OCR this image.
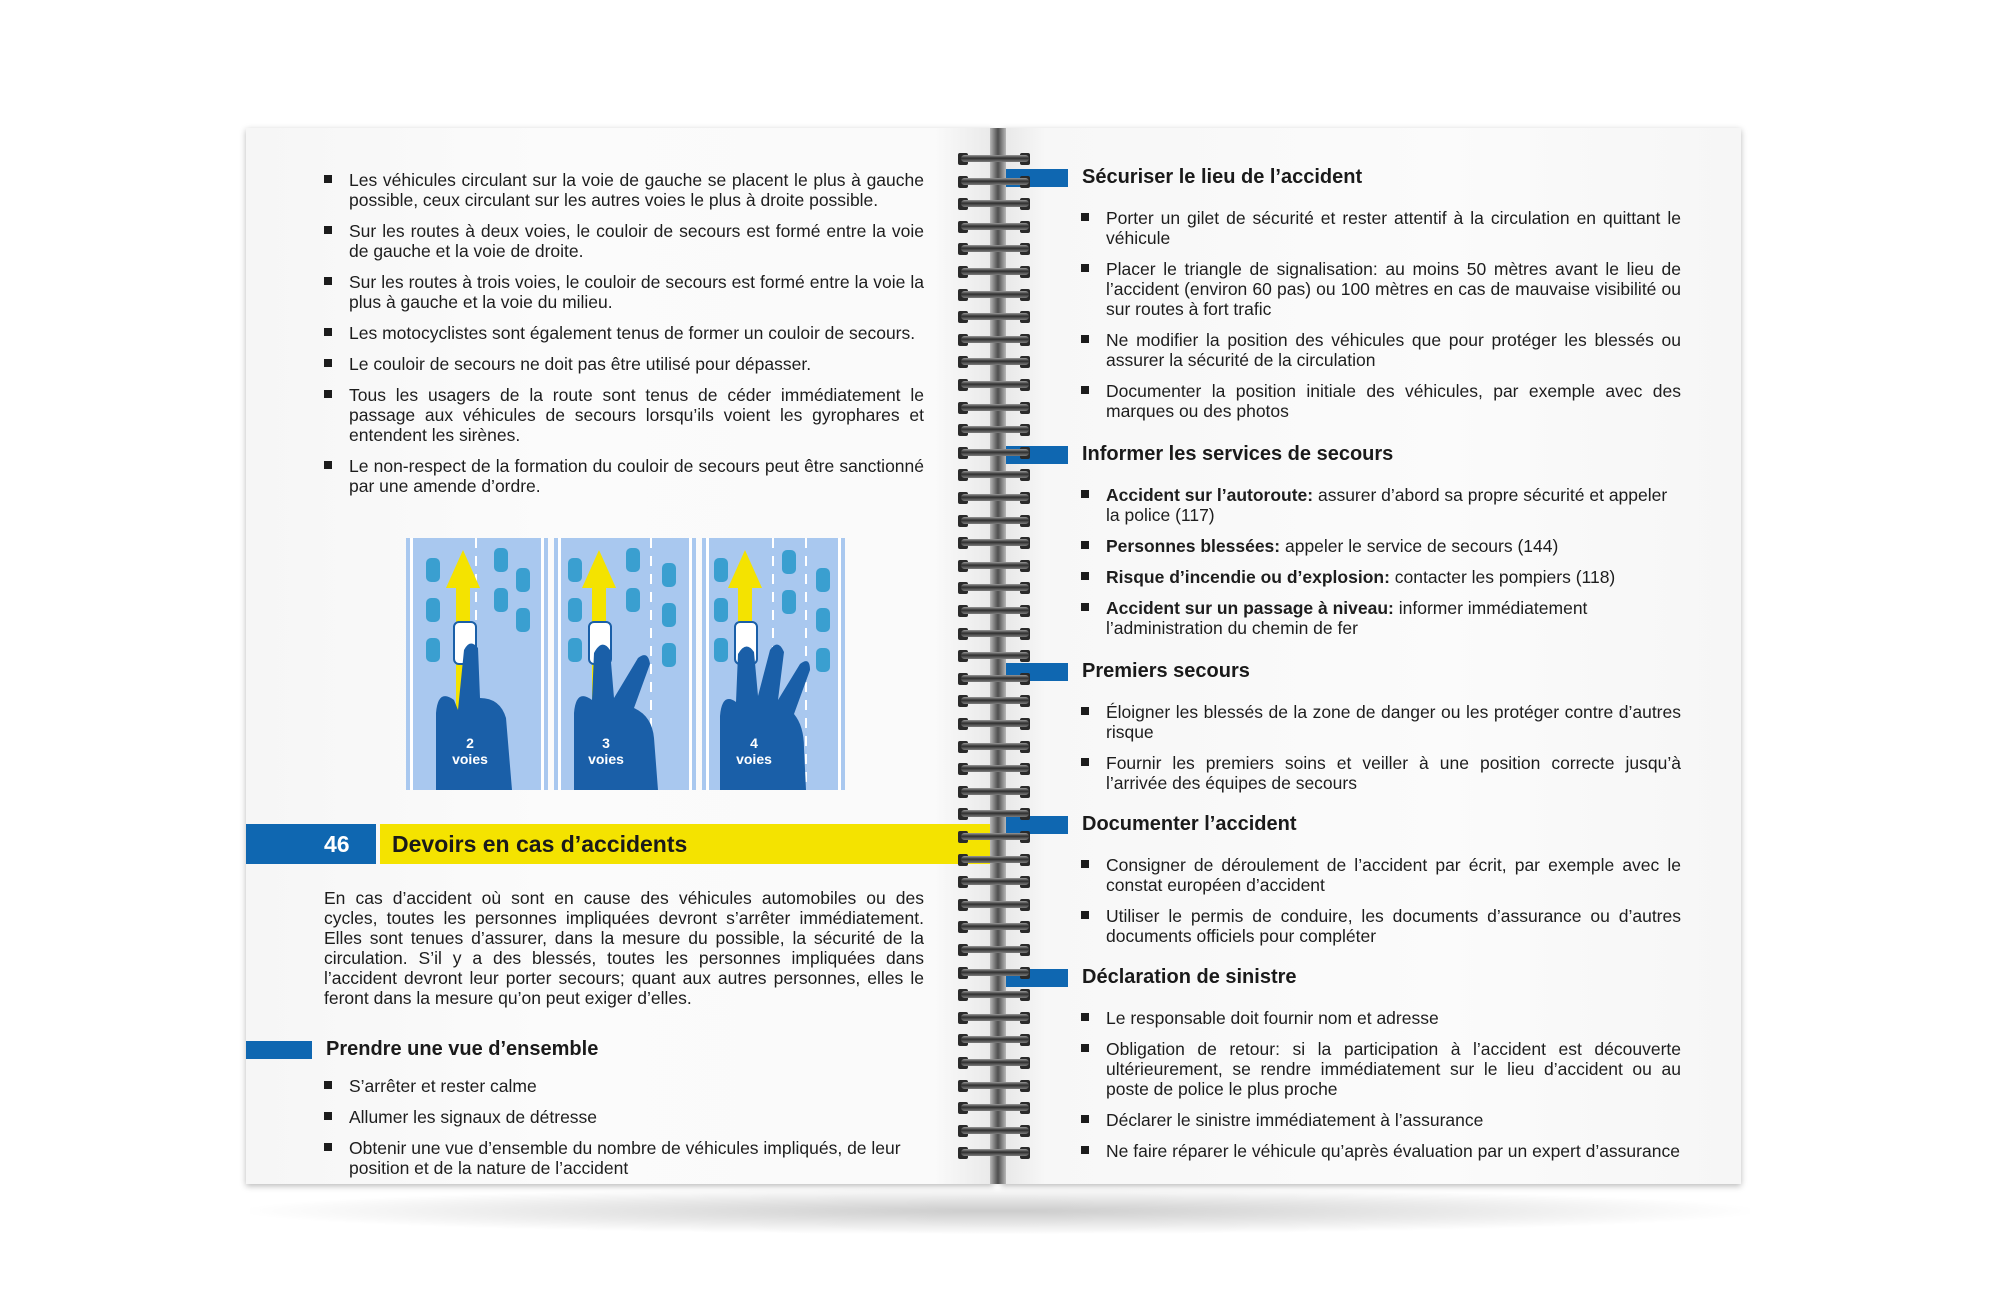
Les véhicules circulant sur la voie de gauche se placent le plus à gauche possible, ceux circulant sur les autres voies le plus à droite possible.
Sur les routes à deux voies, le couloir de secours est formé entre la voie de gauche et la voie de droite.
Sur les routes à trois voies, le couloir de secours est formé entre la voie la plus à gauche et la voie du milieu.
Les motocyclistes sont également tenus de former un couloir de secours.
Le couloir de secours ne doit pas être utilisé pour dépasser.
Tous les usagers de la route sont tenus de céder immédiatement le passage aux véhicules de secours lorsqu’ils voient les gyrophares et entendent les sirènes.
Le non-respect de la formation du couloir de secours peut être sanctionné par une amende d’ordre.
2
voies
3
voies
4
voies
46	Devoirs en cas d’accidents
En cas d’accident où sont en cause des véhicules automobiles ou des cycles, toutes les personnes impliquées devront s’arrêter immédiatement. Elles sont tenues d’assurer, dans la mesure du possible, la sécurité de la circulation. S’il y a des blessés, toutes les personnes impliquées dans l’accident devront leur porter secours; quant aux autres personnes, elles le feront dans la mesure qu’on peut exiger d’elles.
Prendre une vue d’ensemble
S’arrêter et rester calme
Allumer les signaux de détresse
Obtenir une vue d’ensemble du nombre de véhicules impliqués, de leur position et de la nature de l’accident
Sécuriser le lieu de l’accident
Porter un gilet de sécurité et rester attentif à la circulation en quittant le véhicule
Placer le triangle de signalisation: au moins 50 mètres avant le lieu de l’accident (environ 60 pas) ou 100 mètres en cas de mauvaise visibilité ou sur routes à fort trafic
Ne modifier la position des véhicules que pour protéger les blessés ou assurer la sécurité de la circulation
Documenter la position initiale des véhicules, par exemple avec des marques ou des photos
Informer les services de secours
Accident sur l’autoroute: assurer d’abord sa propre sécurité et appeler la police (117)
Personnes blessées: appeler le service de secours (144)
Risque d’incendie ou d’explosion: contacter les pompiers (118)
Accident sur un passage à niveau: informer immédiatement l’administration du chemin de fer
Premiers secours
Éloigner les blessés de la zone de danger ou les protéger contre d’autres risque
Fournir les premiers soins et veiller à une position correcte jusqu’à l’arrivée des équipes de secours
Documenter l’accident
Consigner de déroulement de l’accident par écrit, par exemple avec le constat européen d’accident
Utiliser le permis de conduire, les documents d’assurance ou d’autres documents officiels pour compléter
Déclaration de sinistre
Le responsable doit fournir nom et adresse
Obligation de retour: si la participation à l’accident est découverte ultérieurement, se rendre immédiatement sur le lieu d’accident ou au poste de police le plus proche
Déclarer le sinistre immédiatement à l’assurance
Ne faire réparer le véhicule qu’après évaluation par un expert d’assurance
